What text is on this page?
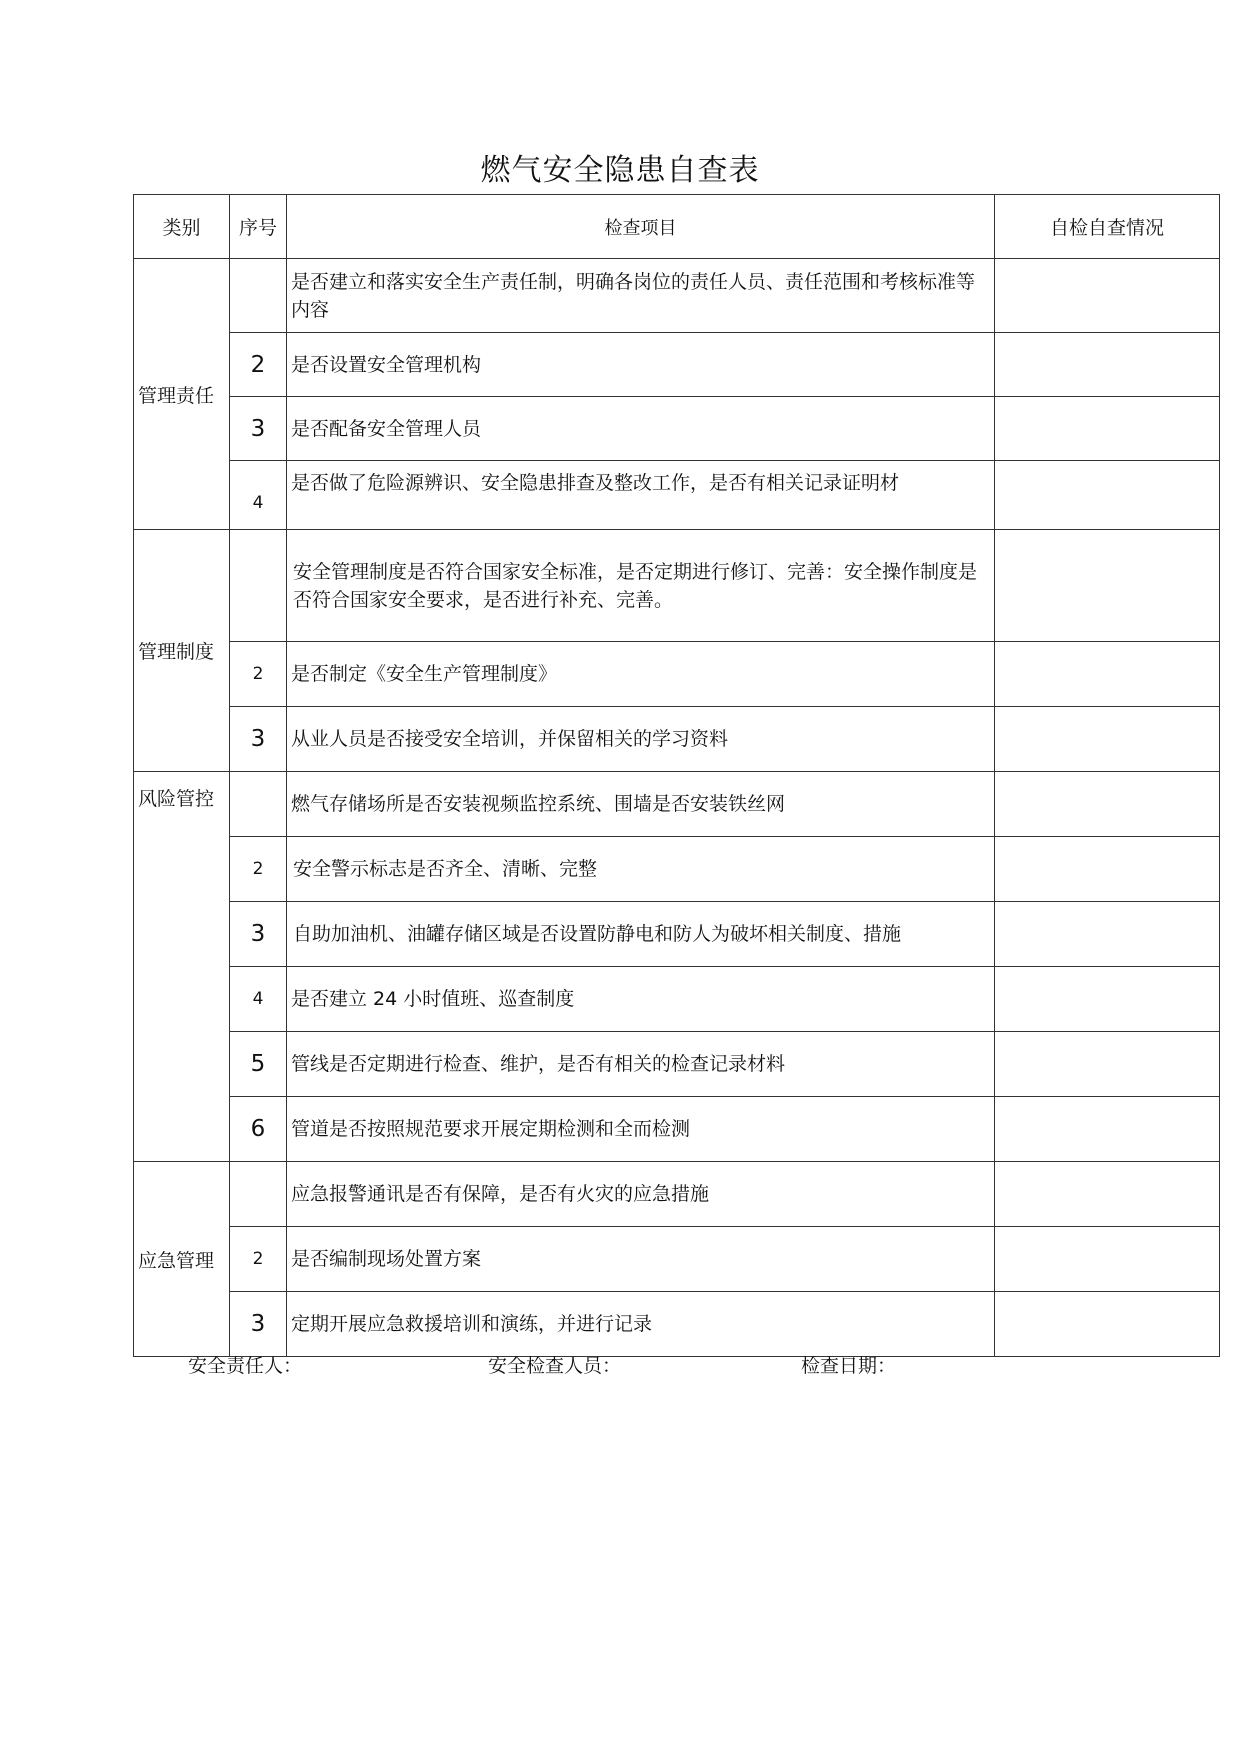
燃气安全隐患自查表
类别	序号	检查项目	自检自查情况
管理责任		是否建立和落实安全生产责任制，明确各岗位的责任人员、责任范围和考核标准等内容	
	2	是否设置安全管理机构	
	3	是否配备安全管理人员	
	4	是否做了危险源辨识、安全隐患排查及整改工作，是否有相关记录证明材	
管理制度		安全管理制度是否符合国家安全标准，是否定期进行修订、完善：安全操作制度是否符合国家安全要求，是否进行补充、完善。	
	2	是否制定《安全生产管理制度》	
	3	从业人员是否接受安全培训，并保留相关的学习资料	
风险管控		燃气存储场所是否安装视频监控系统、围墙是否安装铁丝网	
	2	安全警示标志是否齐全、清晰、完整	
	3	自助加油机、油罐存储区域是否设置防静电和防人为破坏相关制度、措施	
	4	是否建立 24 小时值班、巡查制度	
	5	管线是否定期进行检查、维护，是否有相关的检查记录材料	
	6	管道是否按照规范要求开展定期检测和全而检测	
应急管理		应急报警通讯是否有保障，是否有火灾的应急措施	
	2	是否编制现场处置方案	
	3	定期开展应急救援培训和演练，并进行记录	
安全责任人：	安全检查人员：	检查日期：
